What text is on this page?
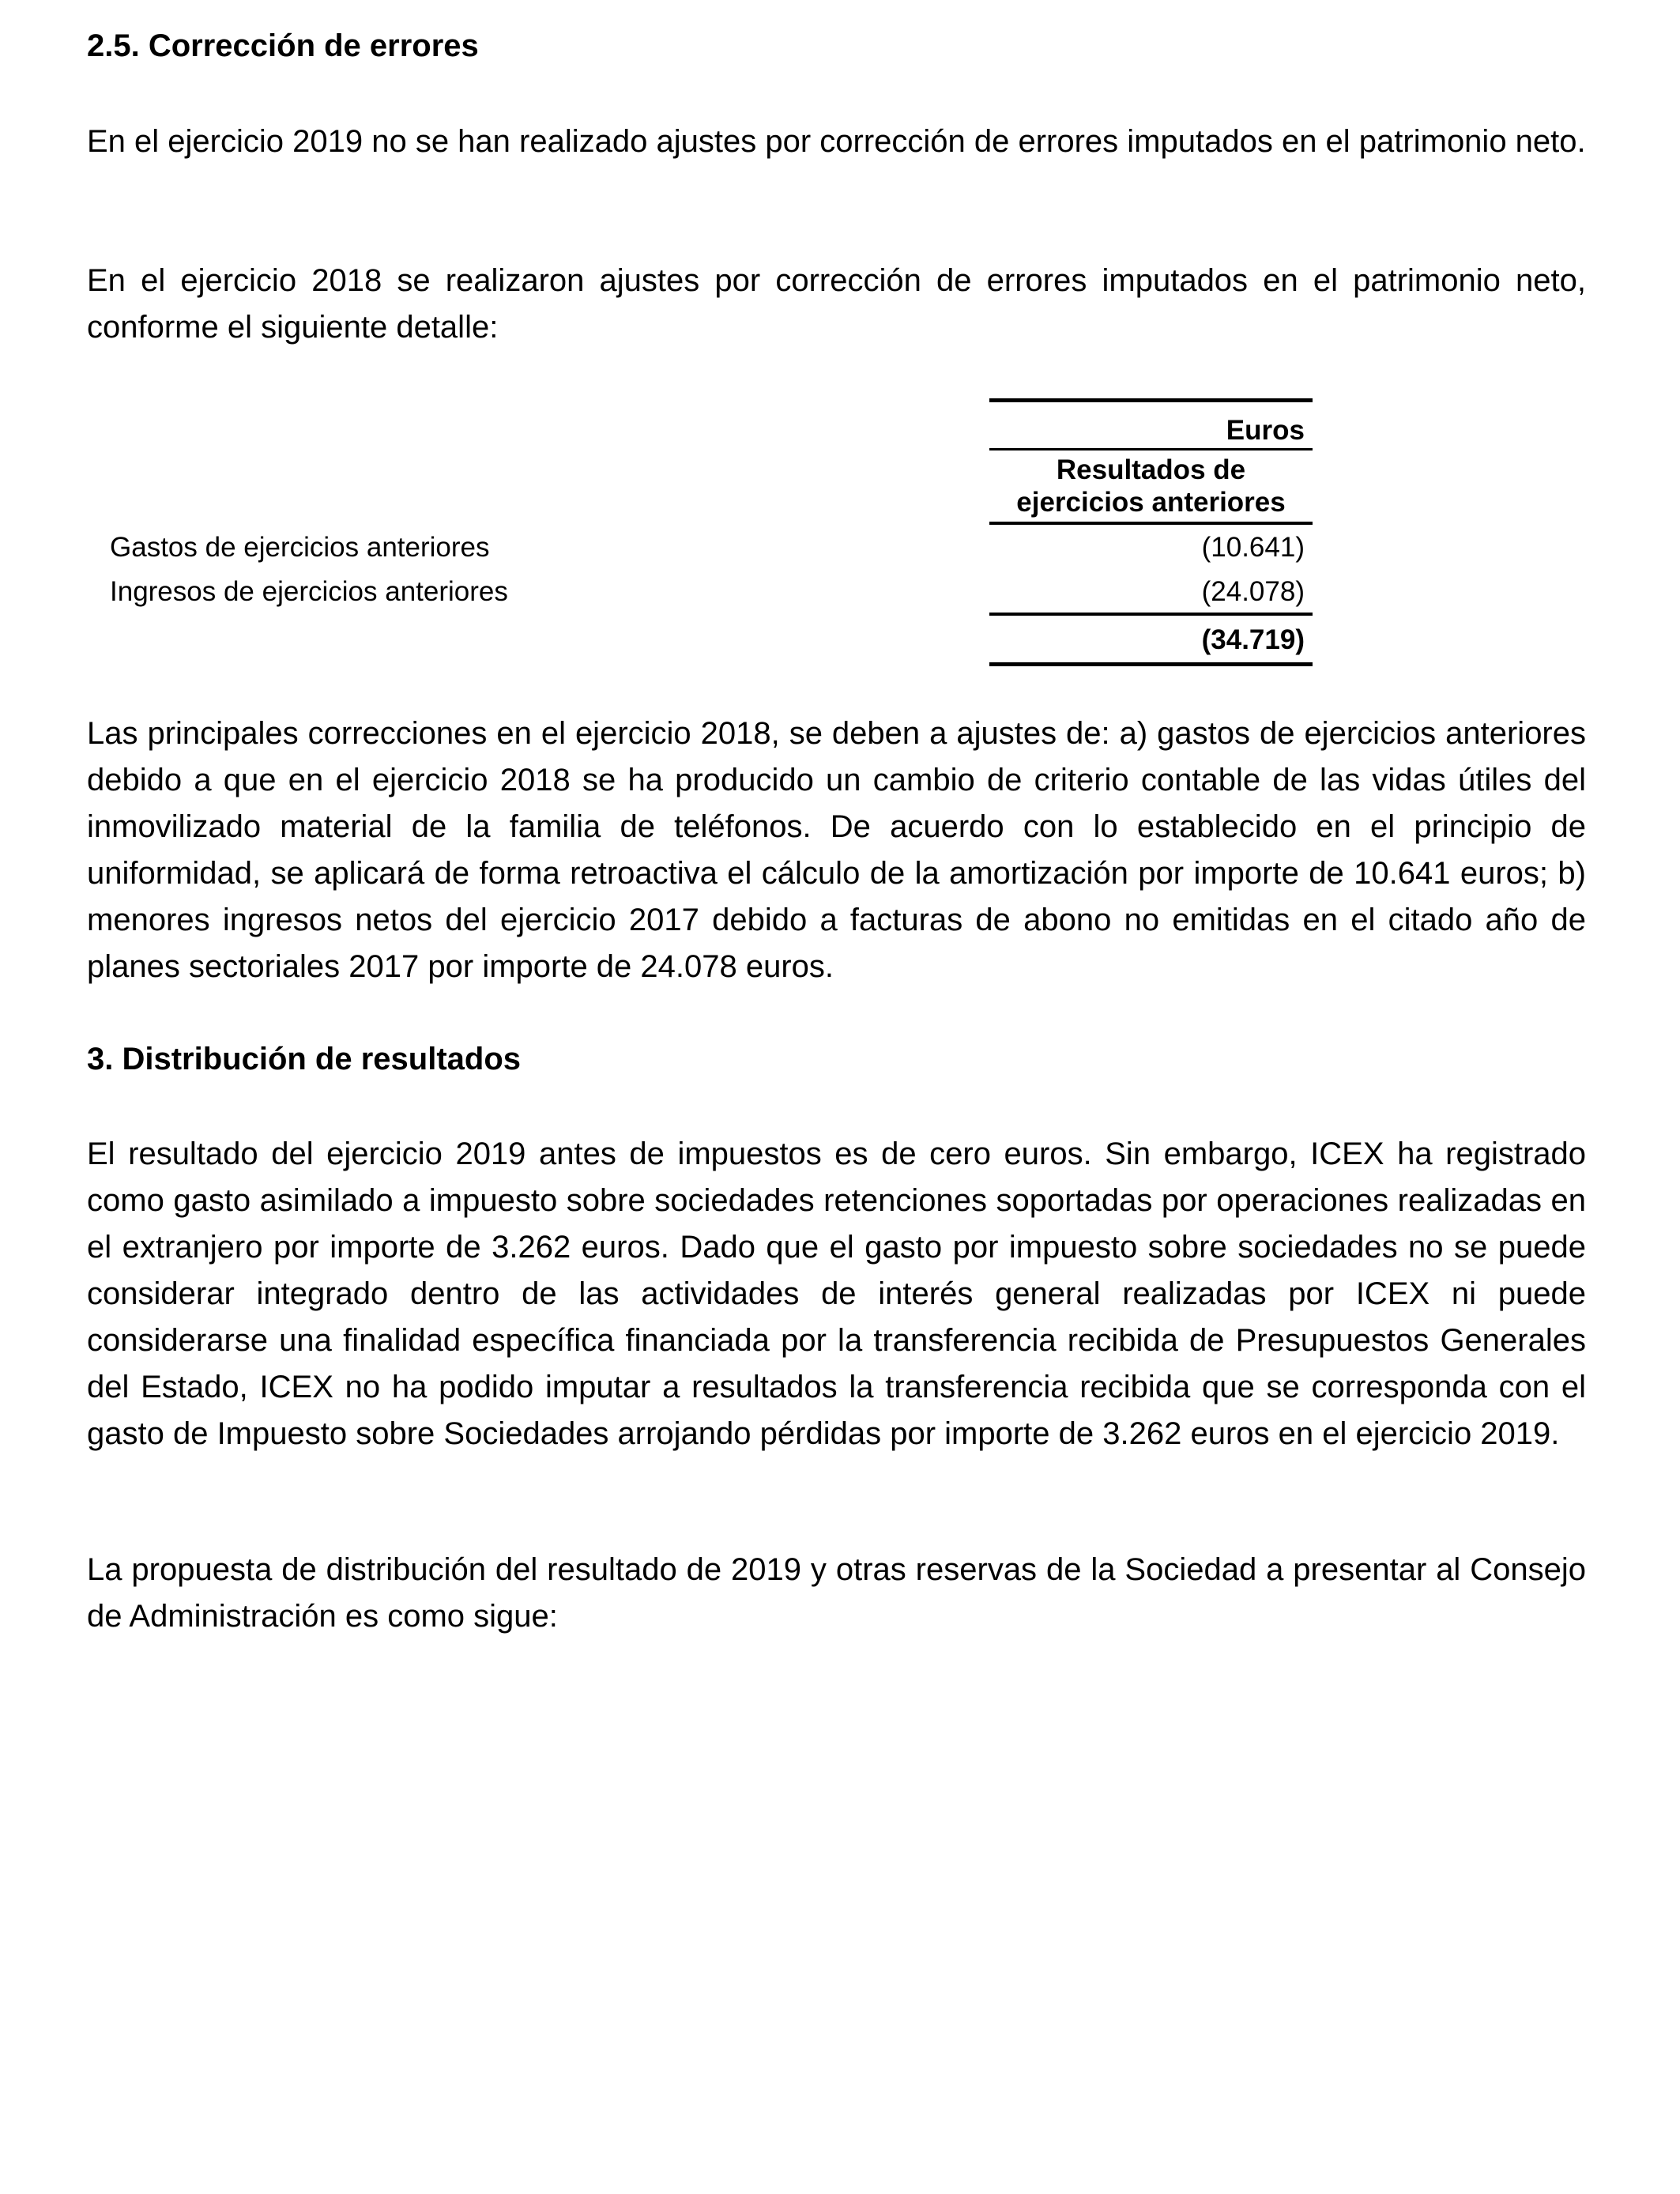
2.5. Corrección de errores

En el ejercicio 2019 no se han realizado ajustes por corrección de errores imputados en el patrimonio neto.

En el ejercicio 2018 se realizaron ajustes por corrección de errores imputados en el patrimonio neto, conforme el siguiente detalle:

Euros
Resultados de
ejercicios anteriores
Gastos de ejercicios anteriores	(10.641)
Ingresos de ejercicios anteriores	(24.078)
(34.719)

Las principales correcciones en el ejercicio 2018, se deben a ajustes de: a) gastos de ejercicios anteriores debido a que en el ejercicio 2018 se ha producido un cambio de criterio contable de las vidas útiles del inmovilizado material de la familia de teléfonos. De acuerdo con lo establecido en el principio de uniformidad, se aplicará de forma retroactiva el cálculo de la amortización por importe de 10.641 euros; b) menores ingresos netos del ejercicio 2017 debido a facturas de abono no emitidas en el citado año de planes sectoriales 2017 por importe de 24.078 euros.

3. Distribución de resultados

El resultado del ejercicio 2019 antes de impuestos es de cero euros. Sin embargo, ICEX ha registrado como gasto asimilado a impuesto sobre sociedades retenciones soportadas por operaciones realizadas en el extranjero por importe de 3.262 euros. Dado que el gasto por impuesto sobre sociedades no se puede considerar integrado dentro de las actividades de interés general realizadas por ICEX ni puede considerarse una finalidad específica financiada por la transferencia recibida de Presupuestos Generales del Estado, ICEX no ha podido imputar a resultados la transferencia recibida que se corresponda con el gasto de Impuesto sobre Sociedades arrojando pérdidas por importe de 3.262 euros en el ejercicio 2019.

La propuesta de distribución del resultado de 2019 y otras reservas de la Sociedad a presentar al Consejo de Administración es como sigue:
